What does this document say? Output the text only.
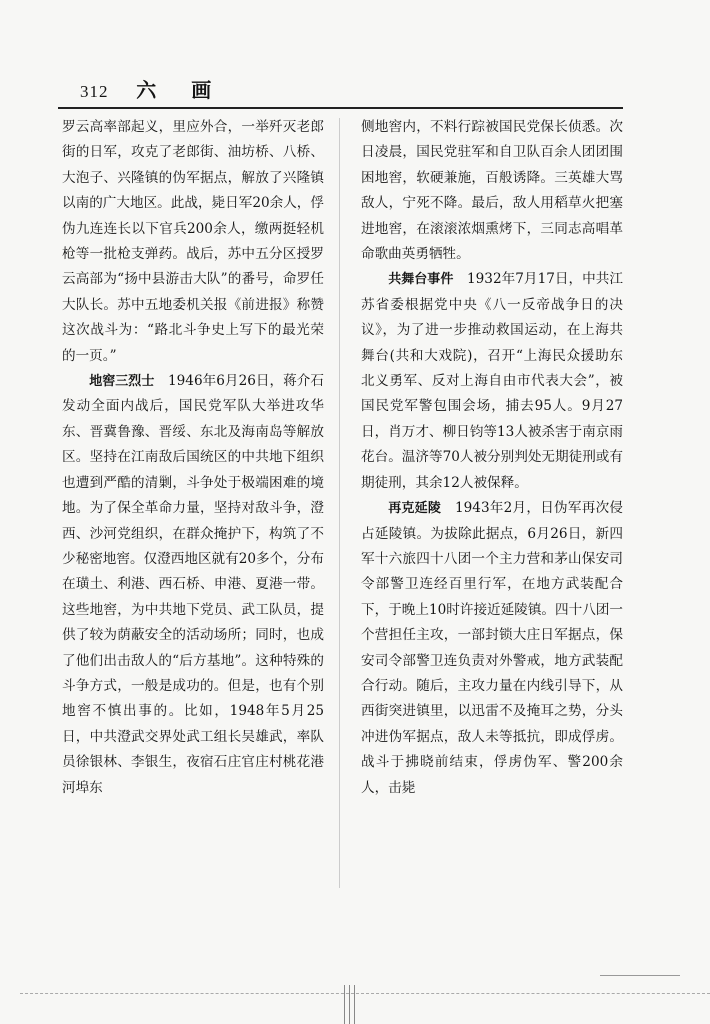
312 六 画

罗云高率部起义，里应外合，一举歼灭老郎街的日军，攻克了老郎街、油坊桥、八桥、大泡子、兴隆镇的伪军据点，解放了兴隆镇以南的广大地区。此战，毙日军20余人，俘伪九连连长以下官兵200余人，缴两挺轻机枪等一批枪支弹药。战后，苏中五分区授罗云高部为“扬中县游击大队”的番号，命罗任大队长。苏中五地委机关报《前进报》称赞这次战斗为：“路北斗争史上写下的最光荣的一页。”

地窖三烈士　 1946年6月26日，蒋介石发动全面内战后，国民党军队大举进攻华东、晋冀鲁豫、晋绥、东北及海南岛等解放区。坚持在江南敌后国统区的中共地下组织也遭到严酷的清剿，斗争处于极端困难的境地。为了保全革命力量，坚持对敌斗争，澄西、沙河党组织，在群众掩护下，构筑了不少秘密地窖。仅澄西地区就有20多个，分布在璜土、利港、西石桥、申港、夏港一带。这些地窖，为中共地下党员、武工队员，提供了较为荫蔽安全的活动场所；同时，也成了他们出击敌人的“后方基地”。这种特殊的斗争方式，一般是成功的。但是，也有个别地窖不慎出事的。比如，1948年5月25日，中共澄武交界处武工组长吴雄武，率队员徐银林、李银生，夜宿石庄官庄村桃花港河埠东

侧地窖内，不料行踪被国民党保长侦悉。次日凌晨，国民党驻军和自卫队百余人团团围困地窖，软硬兼施，百般诱降。三英雄大骂敌人，宁死不降。最后，敌人用稻草火把塞进地窖，在滚滚浓烟熏烤下，三同志高唱革命歌曲英勇牺牲。

共舞台事件　 1932年7月17日，中共江苏省委根据党中央《八一反帝战争日的决议》，为了进一步推动救国运动，在上海共舞台(共和大戏院)，召开“上海民众援助东北义勇军、反对上海自由市代表大会”，被国民党军警包围会场，捕去95人。9月27日，肖万才、柳日钧等13人被杀害于南京雨花台。温济等70人被分别判处无期徒刑或有期徒刑，其余12人被保释。

再克延陵　 1943年2月，日伪军再次侵占延陵镇。为拔除此据点，6月26日，新四军十六旅四十八团一个主力营和茅山保安司令部警卫连经百里行军，在地方武装配合下，于晚上10时许接近延陵镇。四十八团一个营担任主攻，一部封锁大庄日军据点，保安司令部警卫连负责对外警戒，地方武装配合行动。随后，主攻力量在内线引导下，从西街突进镇里，以迅雷不及掩耳之势，分头冲进伪军据点，敌人未等抵抗，即成俘虏。战斗于拂晓前结束，俘虏伪军、警200余人，击毙
